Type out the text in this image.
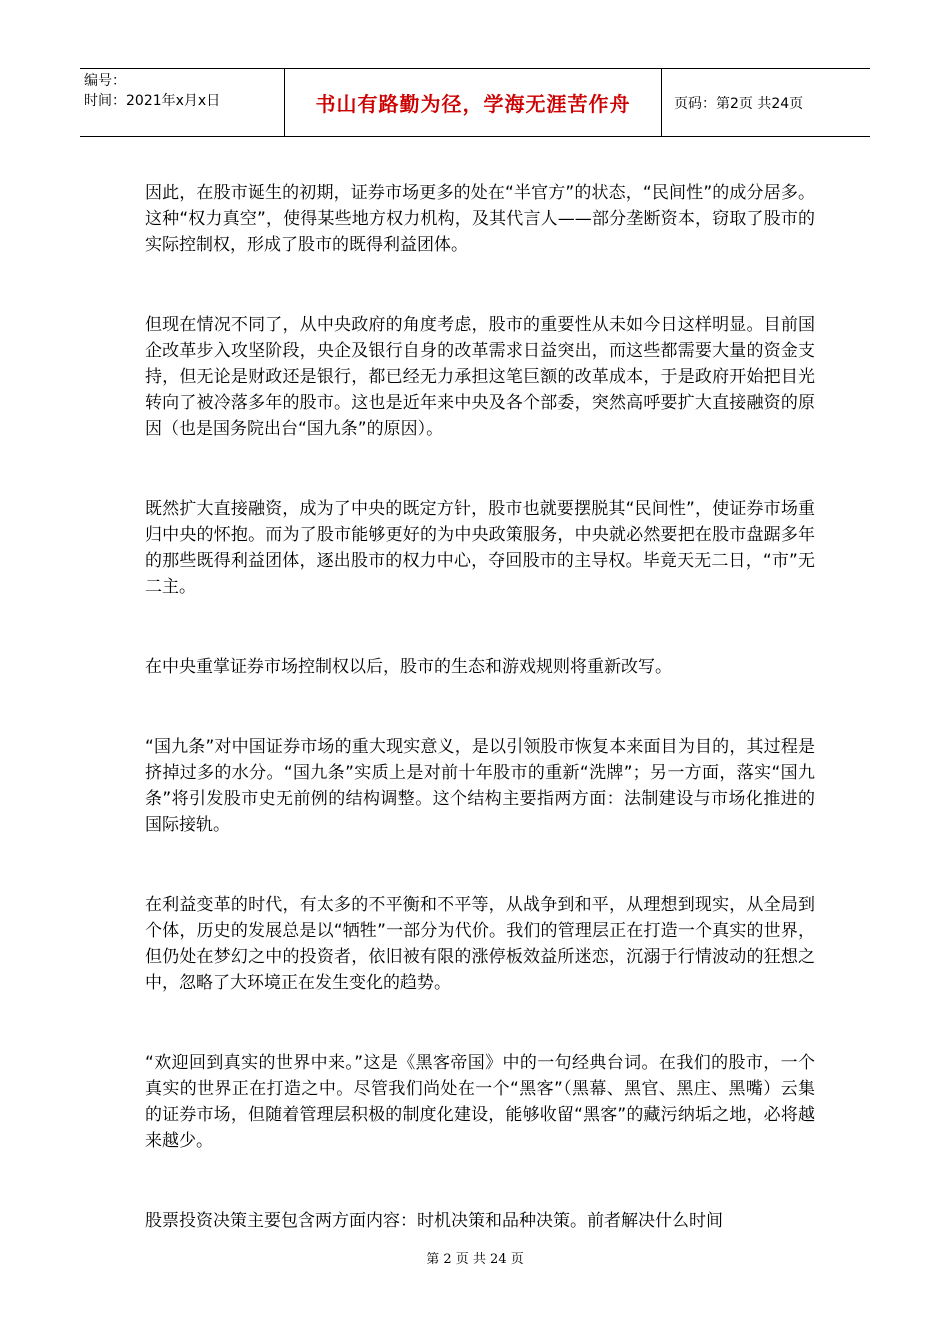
编号：
时间：2021年x月x日	书山有路勤为径，学海无涯苦作舟	页码：第2页 共24页

因此，在股市诞生的初期，证券市场更多的处在“半官方”的状态，“民间性”的成分居多。这种“权力真空”，使得某些地方权力机构，及其代言人——部分垄断资本，窃取了股市的实际控制权，形成了股市的既得利益团体。

但现在情况不同了，从中央政府的角度考虑，股市的重要性从未如今日这样明显。目前国企改革步入攻坚阶段，央企及银行自身的改革需求日益突出，而这些都需要大量的资金支持，但无论是财政还是银行，都已经无力承担这笔巨额的改革成本，于是政府开始把目光转向了被冷落多年的股市。这也是近年来中央及各个部委，突然高呼要扩大直接融资的原因（也是国务院出台“国九条”的原因）。

既然扩大直接融资，成为了中央的既定方针，股市也就要摆脱其“民间性”，使证券市场重归中央的怀抱。而为了股市能够更好的为中央政策服务，中央就必然要把在股市盘踞多年的那些既得利益团体，逐出股市的权力中心，夺回股市的主导权。毕竟天无二日，“市”无二主。

在中央重掌证券市场控制权以后，股市的生态和游戏规则将重新改写。

“国九条”对中国证券市场的重大现实意义，是以引领股市恢复本来面目为目的，其过程是挤掉过多的水分。“国九条”实质上是对前十年股市的重新“洗牌”；另一方面，落实“国九条”将引发股市史无前例的结构调整。这个结构主要指两方面：法制建设与市场化推进的国际接轨。

在利益变革的时代，有太多的不平衡和不平等，从战争到和平，从理想到现实，从全局到个体，历史的发展总是以“牺牲”一部分为代价。我们的管理层正在打造一个真实的世界，但仍处在梦幻之中的投资者，依旧被有限的涨停板效益所迷恋，沉溺于行情波动的狂想之中，忽略了大环境正在发生变化的趋势。

“欢迎回到真实的世界中来。”这是《黑客帝国》中的一句经典台词。在我们的股市，一个真实的世界正在打造之中。尽管我们尚处在一个“黑客”（黑幕、黑官、黑庄、黑嘴）云集的证券市场，但随着管理层积极的制度化建设，能够收留“黑客”的藏污纳垢之地，必将越来越少。

股票投资决策主要包含两方面内容：时机决策和品种决策。前者解决什么时间

第 2 页 共 24 页
